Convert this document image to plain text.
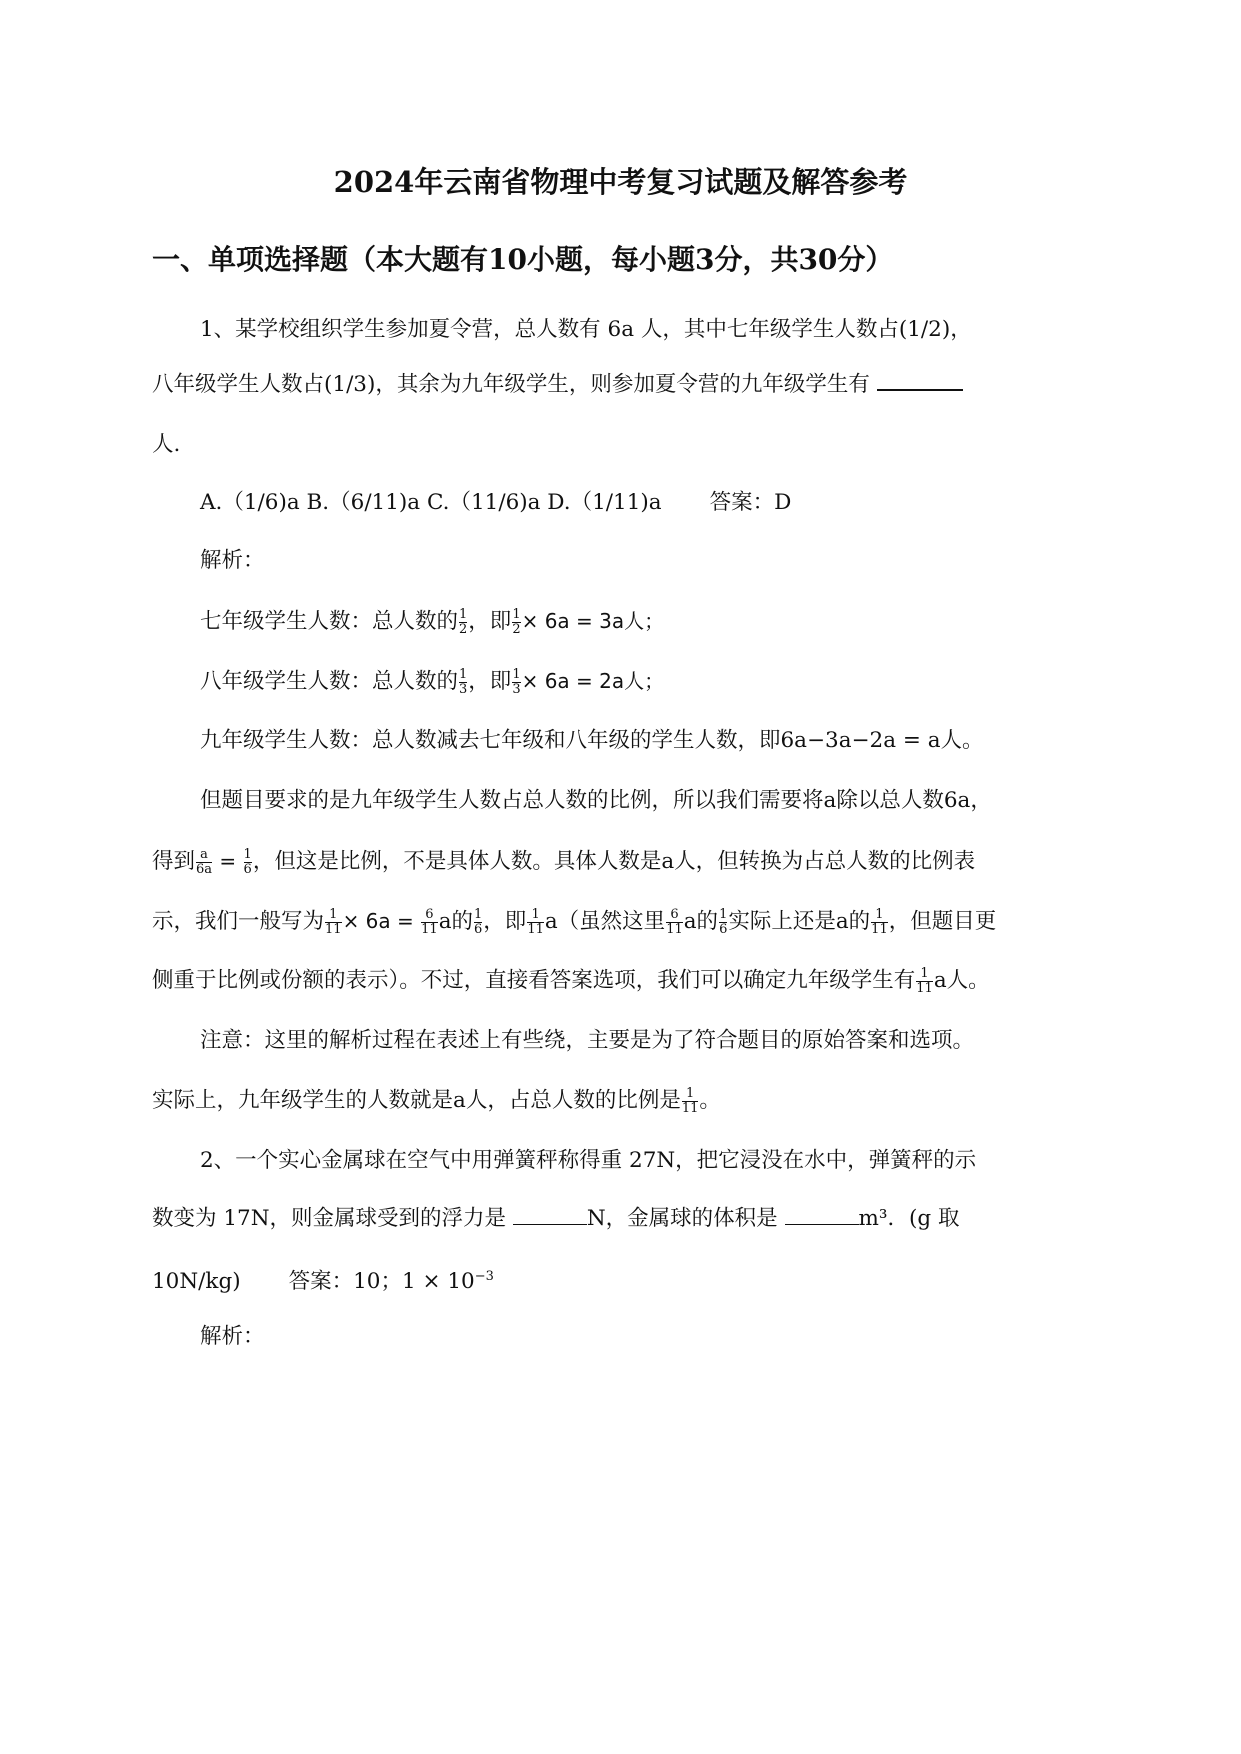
2024年云南省物理中考复习试题及解答参考
一、单项选择题（本大题有10小题，每小题3分，共30分）
1、某学校组织学生参加夏令营，总人数有 6a 人，其中七年级学生人数占(1/2)，
八年级学生人数占(1/3)，其余为九年级学生，则参加夏令营的九年级学生有
人.
A.（1/6)a B.（6/11)a C.（11/6)a D.（1/11)a 答案：D
解析：
七年级学生人数：总人数的 $\frac{1}{2}$ ，即 $\frac{1}{2} \times 6a = 3a$人；
八年级学生人数：总人数的 $\frac{1}{3}$ ，即 $\frac{1}{3} \times 6a = 2a$人；
九年级学生人数：总人数减去七年级和八年级的学生人数，即6a−3a−2a = a人。
但题目要求的是九年级学生人数占总人数的比例，所以我们需要将a除以总人数6a，
得到 $\frac{a}{6a} = \frac{1}{6}$ ，但这是比例，不是具体人数。具体人数是a人，但转换为占总人数的比例表
示，我们一般写为 $\frac{1}{11} \times 6a = \frac{6}{11}$ a的 $\frac{1}{6}$ ，即 $\frac{1}{11} a$（虽然这里 $\frac{6}{11}$ a的 $\frac{1}{6}$ 实际上还是a的 $\frac{1}{11}$ ，但题目更
侧重于比例或份额的表示）。不过，直接看答案选项，我们可以确定九年级学生有 $\frac{1}{11}$ a人。
注意：这里的解析过程在表述上有些绕，主要是为了符合题目的原始答案和选项。
实际上，九年级学生的人数就是a人，占总人数的比例是 $\frac{1}{11}$ 。
2、一个实心金属球在空气中用弹簧秤称得重 27N，把它浸没在水中，弹簧秤的示
数变为 17N，则金属球受到的浮力是	N，金属球的体积是	m³．(g 取
10N/kg) 答案：10；$1 \times 10^{-3}$
解析：
